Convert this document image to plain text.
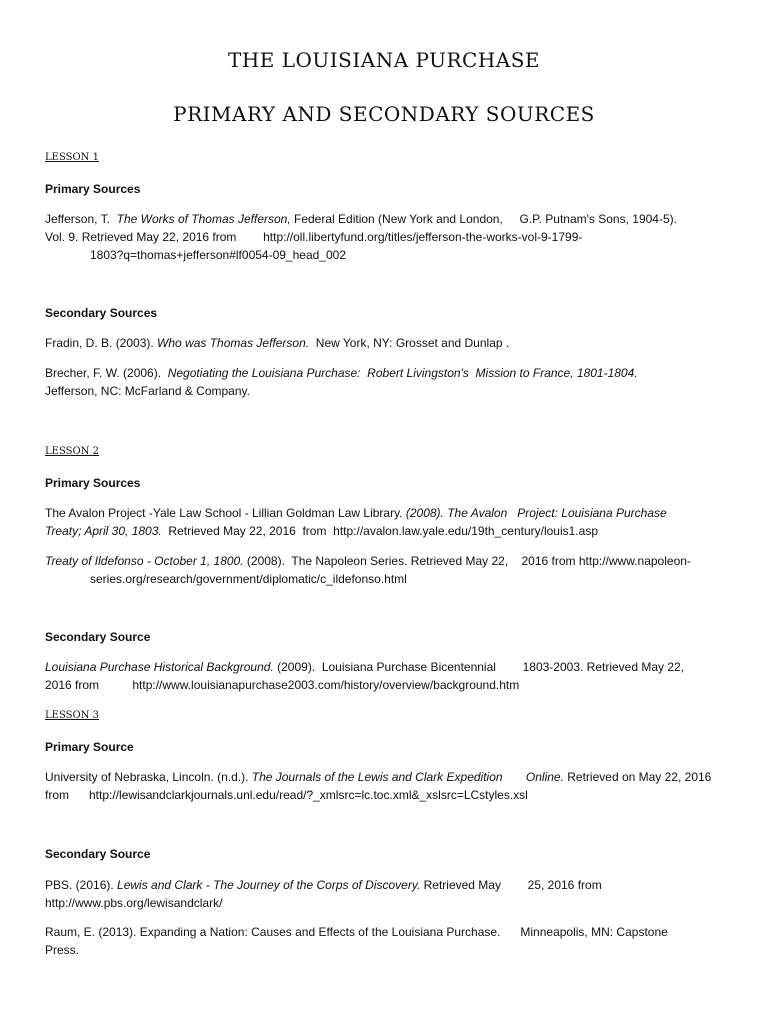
THE LOUISIANA PURCHASE
PRIMARY AND SECONDARY SOURCES
LESSON 1
Primary Sources
Jefferson, T.  The Works of Thomas Jefferson, Federal Edition (New York and London,     G.P. Putnam's Sons, 1904-5).
Vol. 9. Retrieved May 22, 2016 from        http://oll.libertyfund.org/titles/jefferson-the-works-vol-9-1799-
1803?q=thomas+jefferson#lf0054-09_head_002
Secondary Sources
Fradin, D. B. (2003). Who was Thomas Jefferson.  New York, NY: Grosset and Dunlap .
Brecher, F. W. (2006).  Negotiating the Louisiana Purchase:  Robert Livingston's  Mission to France, 1801-1804.
Jefferson, NC: McFarland & Company.
LESSON 2
Primary Sources
The Avalon Project -Yale Law School - Lillian Goldman Law Library. (2008). The Avalon   Project: Louisiana Purchase
Treaty; April 30, 1803.  Retrieved May 22, 2016  from  http://avalon.law.yale.edu/19th_century/louis1.asp
Treaty of Ildefonso - October 1, 1800. (2008).  The Napoleon Series. Retrieved May 22,    2016 from http://www.napoleon-
series.org/research/government/diplomatic/c_ildefonso.html
Secondary Source
Louisiana Purchase Historical Background. (2009).  Louisiana Purchase Bicentennial        1803-2003. Retrieved May 22,
2016 from          http://www.louisianapurchase2003.com/history/overview/background.htm
LESSON 3
Primary Source
University of Nebraska, Lincoln. (n.d.). The Journals of the Lewis and Clark Expedition       Online. Retrieved on May 22, 2016
from      http://lewisandclarkjournals.unl.edu/read/?_xmlsrc=lc.toc.xml&_xslsrc=LCstyles.xsl
Secondary Source
PBS. (2016). Lewis and Clark - The Journey of the Corps of Discovery. Retrieved May        25, 2016 from
http://www.pbs.org/lewisandclark/
Raum, E. (2013). Expanding a Nation: Causes and Effects of the Louisiana Purchase.      Minneapolis, MN: Capstone
Press.
